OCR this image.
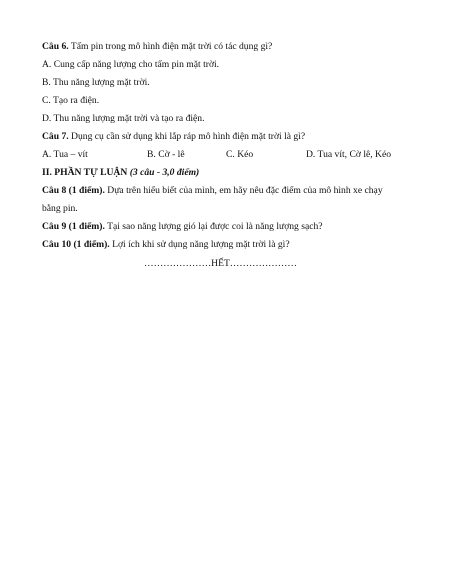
Câu 6. Tấm pin trong mô hình điện mặt trời có tác dụng gì?
A. Cung cấp năng lượng cho tấm pin mặt trời.
B. Thu năng lượng mặt trời.
C. Tạo ra điện.
D. Thu năng lượng mặt trời và tạo ra điện.
Câu 7. Dụng cụ cần sử dụng khi lắp ráp mô hình điện mặt trời là gì?
A. Tua – vít	B. Cờ - lê	C. Kéo	D. Tua vít, Cờ lê, Kéo
II. PHẦN TỰ LUẬN (3 câu - 3,0 điểm)
Câu 8 (1 điểm). Dựa trên hiểu biết của mình, em hãy nêu đặc điểm của mô hình xe chạy
bằng pin.
Câu 9 (1 điểm). Tại sao năng lượng gió lại được coi là năng lượng sạch?
Câu 10 (1 điểm). Lợi ích khi sử dụng năng lượng mặt trời là gì?
…………………HẾT…………………
